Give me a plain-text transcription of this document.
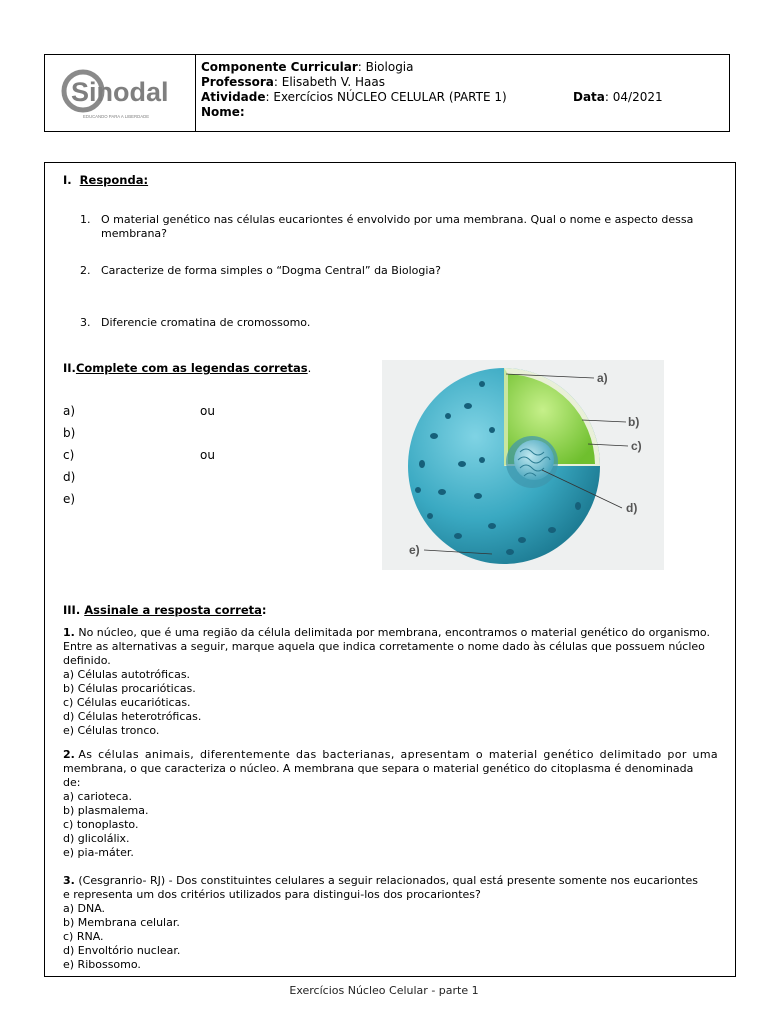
Sinodal
EDUCANDO PARA A LIBERDADE
Componente Curricular: Biologia
Professora: Elisabeth V. Haas
Atividade: Exercícios NÚCLEO CELULAR (PARTE 1)
Nome:
Data: 04/2021
I. Responda:
1. O material genético nas células eucariontes é envolvido por uma membrana. Qual o nome e aspecto dessa
membrana?
2. Caracterize de forma simples o “Dogma Central” da Biologia?
3. Diferencie cromatina de cromossomo.
II.Complete com as legendas corretas.
a)	ou
b)
c)	ou
d)
e)
a)
b)
c)
d)
e)
III. Assinale a resposta correta:
1. No núcleo, que é uma região da célula delimitada por membrana, encontramos o material genético do organismo.
Entre as alternativas a seguir, marque aquela que indica corretamente o nome dado às células que possuem núcleo
definido.
a) Células autotróficas.
b) Células procarióticas.
c) Células eucarióticas.
d) Células heterotróficas.
e) Células tronco.
2. As células animais, diferentemente das bacterianas, apresentam o material genético delimitado por uma
membrana, o que caracteriza o núcleo. A membrana que separa o material genético do citoplasma é denominada
de:
a) carioteca.
b) plasmalema.
c) tonoplasto.
d) glicolálix.
e) pia-máter.
3. (Cesgranrio- RJ) - Dos constituintes celulares a seguir relacionados, qual está presente somente nos eucariontes
e representa um dos critérios utilizados para distingui-los dos procariontes?
a) DNA.
b) Membrana celular.
c) RNA.
d) Envoltório nuclear.
e) Ribossomo.
Exercícios Núcleo Celular - parte 1
